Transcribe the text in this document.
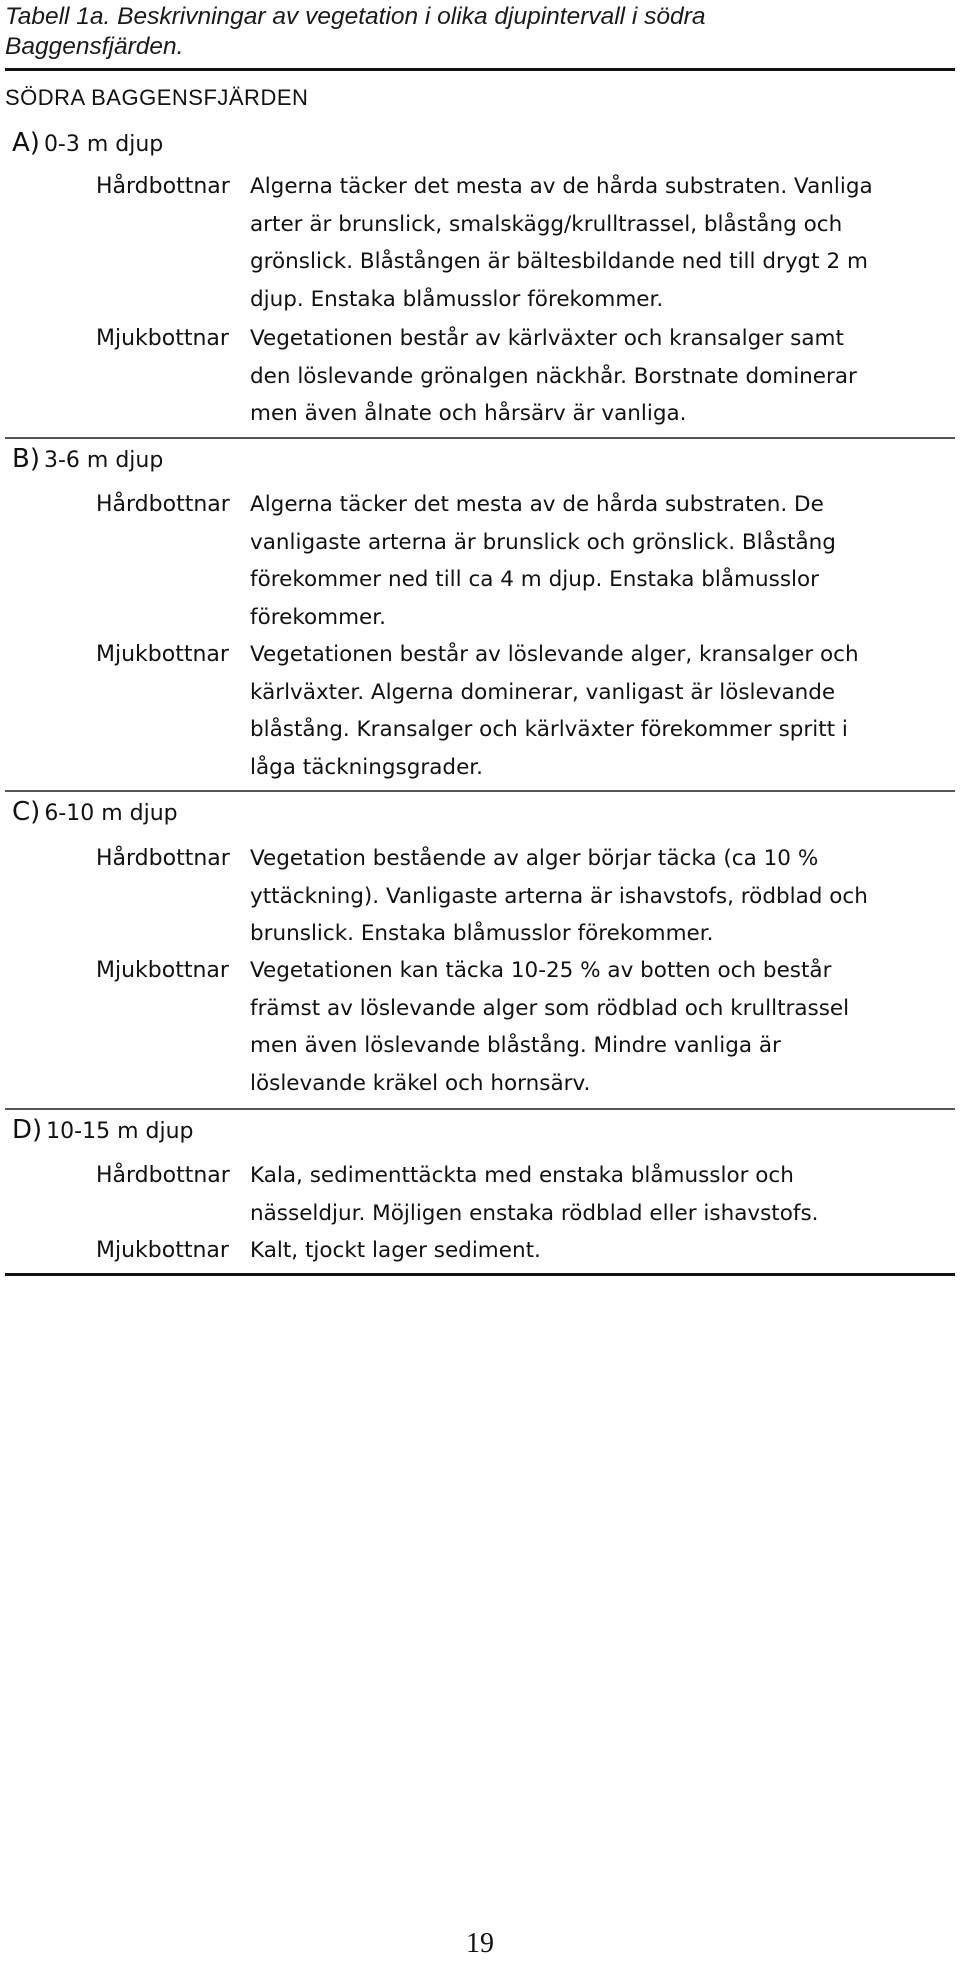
Tabell 1a. Beskrivningar av vegetation i olika djupintervall i södra
Baggensfjärden.
SÖDRA BAGGENSFJÄRDEN
A) 0-3 m djup
Hårdbottnar Algerna täcker det mesta av de hårda substraten. Vanliga
arter är brunslick, smalskägg/krulltrassel, blåstång och
grönslick. Blåstången är bältesbildande ned till drygt 2 m
djup. Enstaka blåmusslor förekommer.
Mjukbottnar Vegetationen består av kärlväxter och kransalger samt
den löslevande grönalgen näckhår. Borstnate dominerar
men även ålnate och hårsärv är vanliga.
B) 3-6 m djup
Hårdbottnar Algerna täcker det mesta av de hårda substraten. De
vanligaste arterna är brunslick och grönslick. Blåstång
förekommer ned till ca 4 m djup. Enstaka blåmusslor
förekommer.
Mjukbottnar Vegetationen består av löslevande alger, kransalger och
kärlväxter. Algerna dominerar, vanligast är löslevande
blåstång. Kransalger och kärlväxter förekommer spritt i
låga täckningsgrader.
C) 6-10 m djup
Hårdbottnar Vegetation bestående av alger börjar täcka (ca 10 %
yttäckning). Vanligaste arterna är ishavstofs, rödblad och
brunslick. Enstaka blåmusslor förekommer.
Mjukbottnar Vegetationen kan täcka 10-25 % av botten och består
främst av löslevande alger som rödblad och krulltrassel
men även löslevande blåstång. Mindre vanliga är
löslevande kräkel och hornsärv.
D) 10-15 m djup
Hårdbottnar Kala, sedimenttäckta med enstaka blåmusslor och
nässeldjur. Möjligen enstaka rödblad eller ishavstofs.
Mjukbottnar Kalt, tjockt lager sediment.
19
